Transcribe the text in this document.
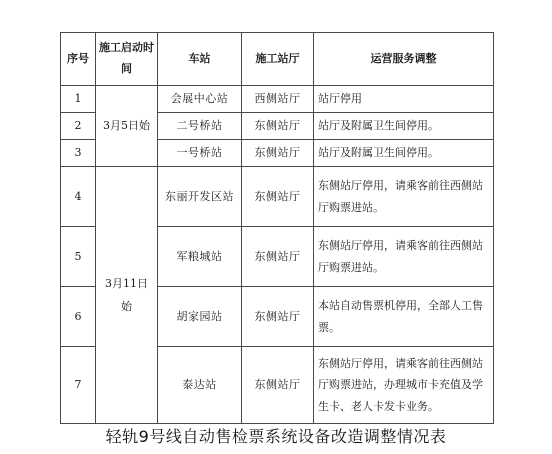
序号	施工启动时间	车站	施工站厅	运营服务调整
1	3月5日始	会展中心站	西侧站厅	站厅停用
2		二号桥站	东侧站厅	站厅及附属卫生间停用。
3		一号桥站	东侧站厅	站厅及附属卫生间停用。
4	3月11日始	东丽开发区站	东侧站厅	东侧站厅停用，请乘客前往西侧站厅购票进站。
5		军粮城站	东侧站厅	东侧站厅停用，请乘客前往西侧站厅购票进站。
6		胡家园站	东侧站厅	本站自动售票机停用，全部人工售票。
7		泰达站	东侧站厅	东侧站厅停用，请乘客前往西侧站厅购票进站，办理城市卡充值及学生卡、老人卡发卡业务。
轻轨9号线自动售检票系统设备改造调整情况表
